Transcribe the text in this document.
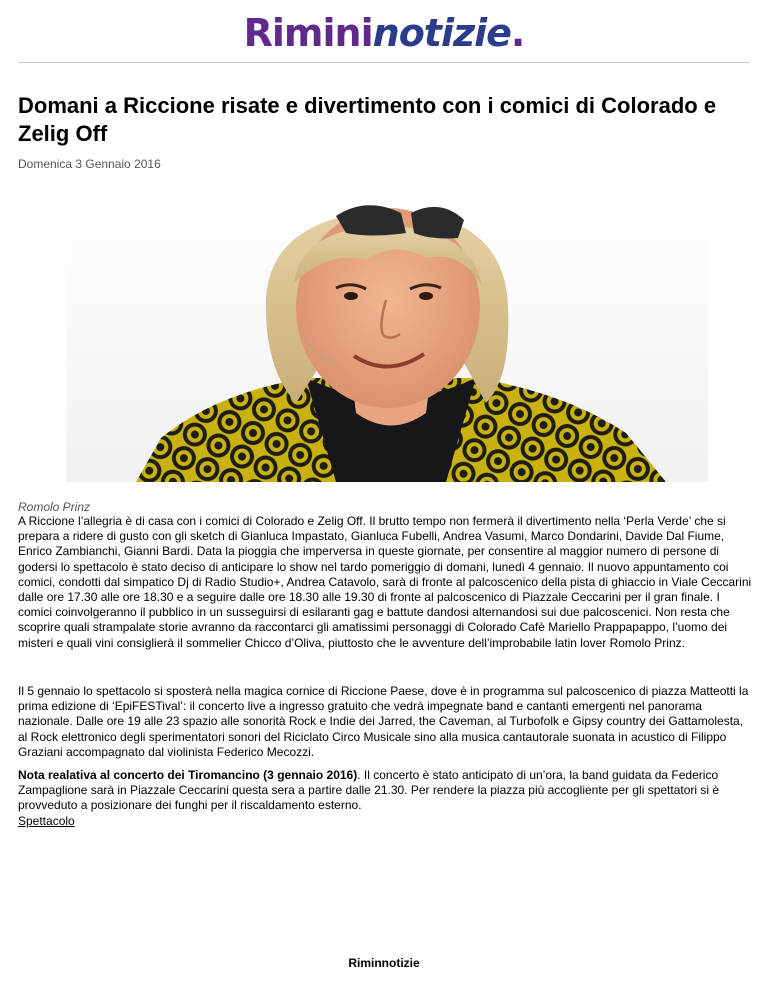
Rimininotizie.
Domani a Riccione risate e divertimento con i comici di Colorado e Zelig Off
Domenica 3 Gennaio 2016
Romolo Prinz

A Riccione l’allegria è di casa con i comici di Colorado e Zelig Off. Il brutto tempo non fermerà il divertimento nella ‘Perla Verde’ che si prepara a ridere di gusto con gli sketch di Gianluca Impastato, Gianluca Fubelli, Andrea Vasumi, Marco Dondarini, Davide Dal Fiume, Enrico Zambianchi, Gianni Bardi. Data la pioggia che imperversa in queste giornate, per consentire al maggior numero di persone di godersi lo spettacolo è stato deciso di anticipare lo show nel tardo pomeriggio di domani, lunedì 4 gennaio. Il nuovo appuntamento coi comici, condotti dal simpatico Dj di Radio Studio+, Andrea Catavolo, sarà di fronte al palcoscenico della pista di ghiaccio in Viale Ceccarini dalle ore 17.30 alle ore 18.30 e a seguire dalle ore 18.30 alle 19.30 di fronte al palcoscenico di Piazzale Ceccarini per il gran finale. I comici coinvolgeranno il pubblico in un susseguirsi di esilaranti gag e battute dandosi alternandosi sui due palcoscenici. Non resta che scoprire quali strampalate storie avranno da raccontarci gli amatissimi personaggi di Colorado Cafè Mariello Prappapappo, l’uomo dei misteri e quali vini consiglierà il sommelier Chicco d’Oliva, piuttosto che le avventure dell’improbabile latin lover Romolo Prinz.

Il 5 gennaio lo spettacolo si sposterà nella magica cornice di Riccione Paese, dove è in programma sul palcoscenico di piazza Matteotti la prima edizione di ‘EpiFESTival’: il concerto live a ingresso gratuito che vedrà impegnate band e cantanti emergenti nel panorama nazionale. Dalle ore 19 alle 23 spazio alle sonorità Rock e Indie dei Jarred, the Caveman, al Turbofolk e Gipsy country dei Gattamolesta, al Rock elettronico degli sperimentatori sonori del Riciclato Circo Musicale sino alla musica cantautorale suonata in acustico di Filippo Graziani accompagnato dal violinista Federico Mecozzi.

Nota realativa al concerto dei Tiromancino (3 gennaio 2016). Il concerto è stato anticipato di un’ora, la band guidata da Federico Zampaglione sarà in Piazzale Ceccarini questa sera a partire dalle 21.30. Per rendere la piazza più accogliente per gli spettatori si è provveduto a posizionare dei funghi per il riscaldamento esterno.
Spettacolo

Riminnotizie
